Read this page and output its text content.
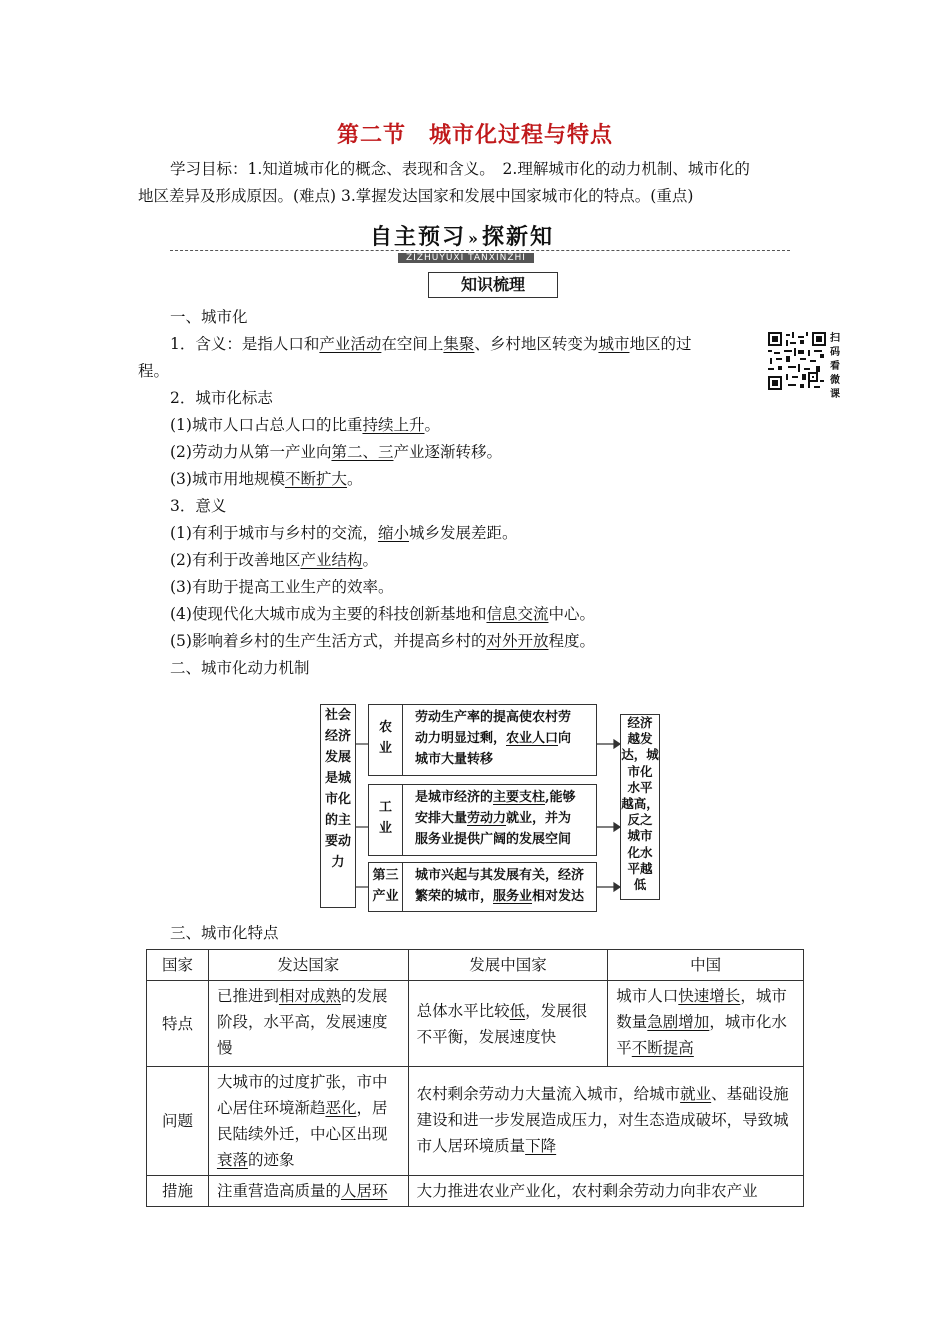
第二节　城市化过程与特点
学习目标：1.知道城市化的概念、表现和含义。　2.理解城市化的动力机制、城市化的
地区差异及形成原因。(难点) 3.掌握发达国家和发展中国家城市化的特点。(重点)
自主预习 »探新知
ZIZHUYUXI TANXINZHI
知识梳理
扫码看微课
一、城市化
1．含义：是指人口和产业活动在空间上集聚、乡村地区转变为城市地区的过
程。
2．城市化标志
(1)城市人口占总人口的比重持续上升。
(2)劳动力从第一产业向第二、三产业逐渐转移。
(3)城市用地规模不断扩大。
3．意义
(1)有利于城市与乡村的交流，缩小城乡发展差距。
(2)有利于改善地区产业结构。
(3)有助于提高工业生产的效率。
(4)使现代化大城市成为主要的科技创新基地和信息交流中心。
(5)影响着乡村的生产生活方式，并提高乡村的对外开放程度。
二、城市化动力机制
社会
经济
发展
是城
市化
的主
要动
力
农
业
劳动生产率的提高使农村劳
动力明显过剩，农业人口向
城市大量转移
工
业
是城市经济的主要支柱,能够
安排大量劳动力就业，并为
服务业提供广阔的发展空间
第三
产业
城市兴起与其发展有关，经济
繁荣的城市，服务业相对发达
经济
越发
达，城
市化
水平
越高，
反之
城市
化水
平越
低
三、城市化特点
国家	发达国家	发展中国家	中国
特点	已推进到相对成熟的发展阶段，水平高，发展速度慢	总体水平比较低，发展很不平衡，发展速度快	城市人口快速增长，城市数量急剧增加，城市化水平不断提高
问题	大城市的过度扩张，市中心居住环境渐趋恶化，居民陆续外迁，中心区出现衰落的迹象	农村剩余劳动力大量流入城市，给城市就业、基础设施建设和进一步发展造成压力，对生态造成破坏，导致城市人居环境质量下降	
措施	注重营造高质量的人居环	大力推进农业产业化，农村剩余劳动力向非农产业	
